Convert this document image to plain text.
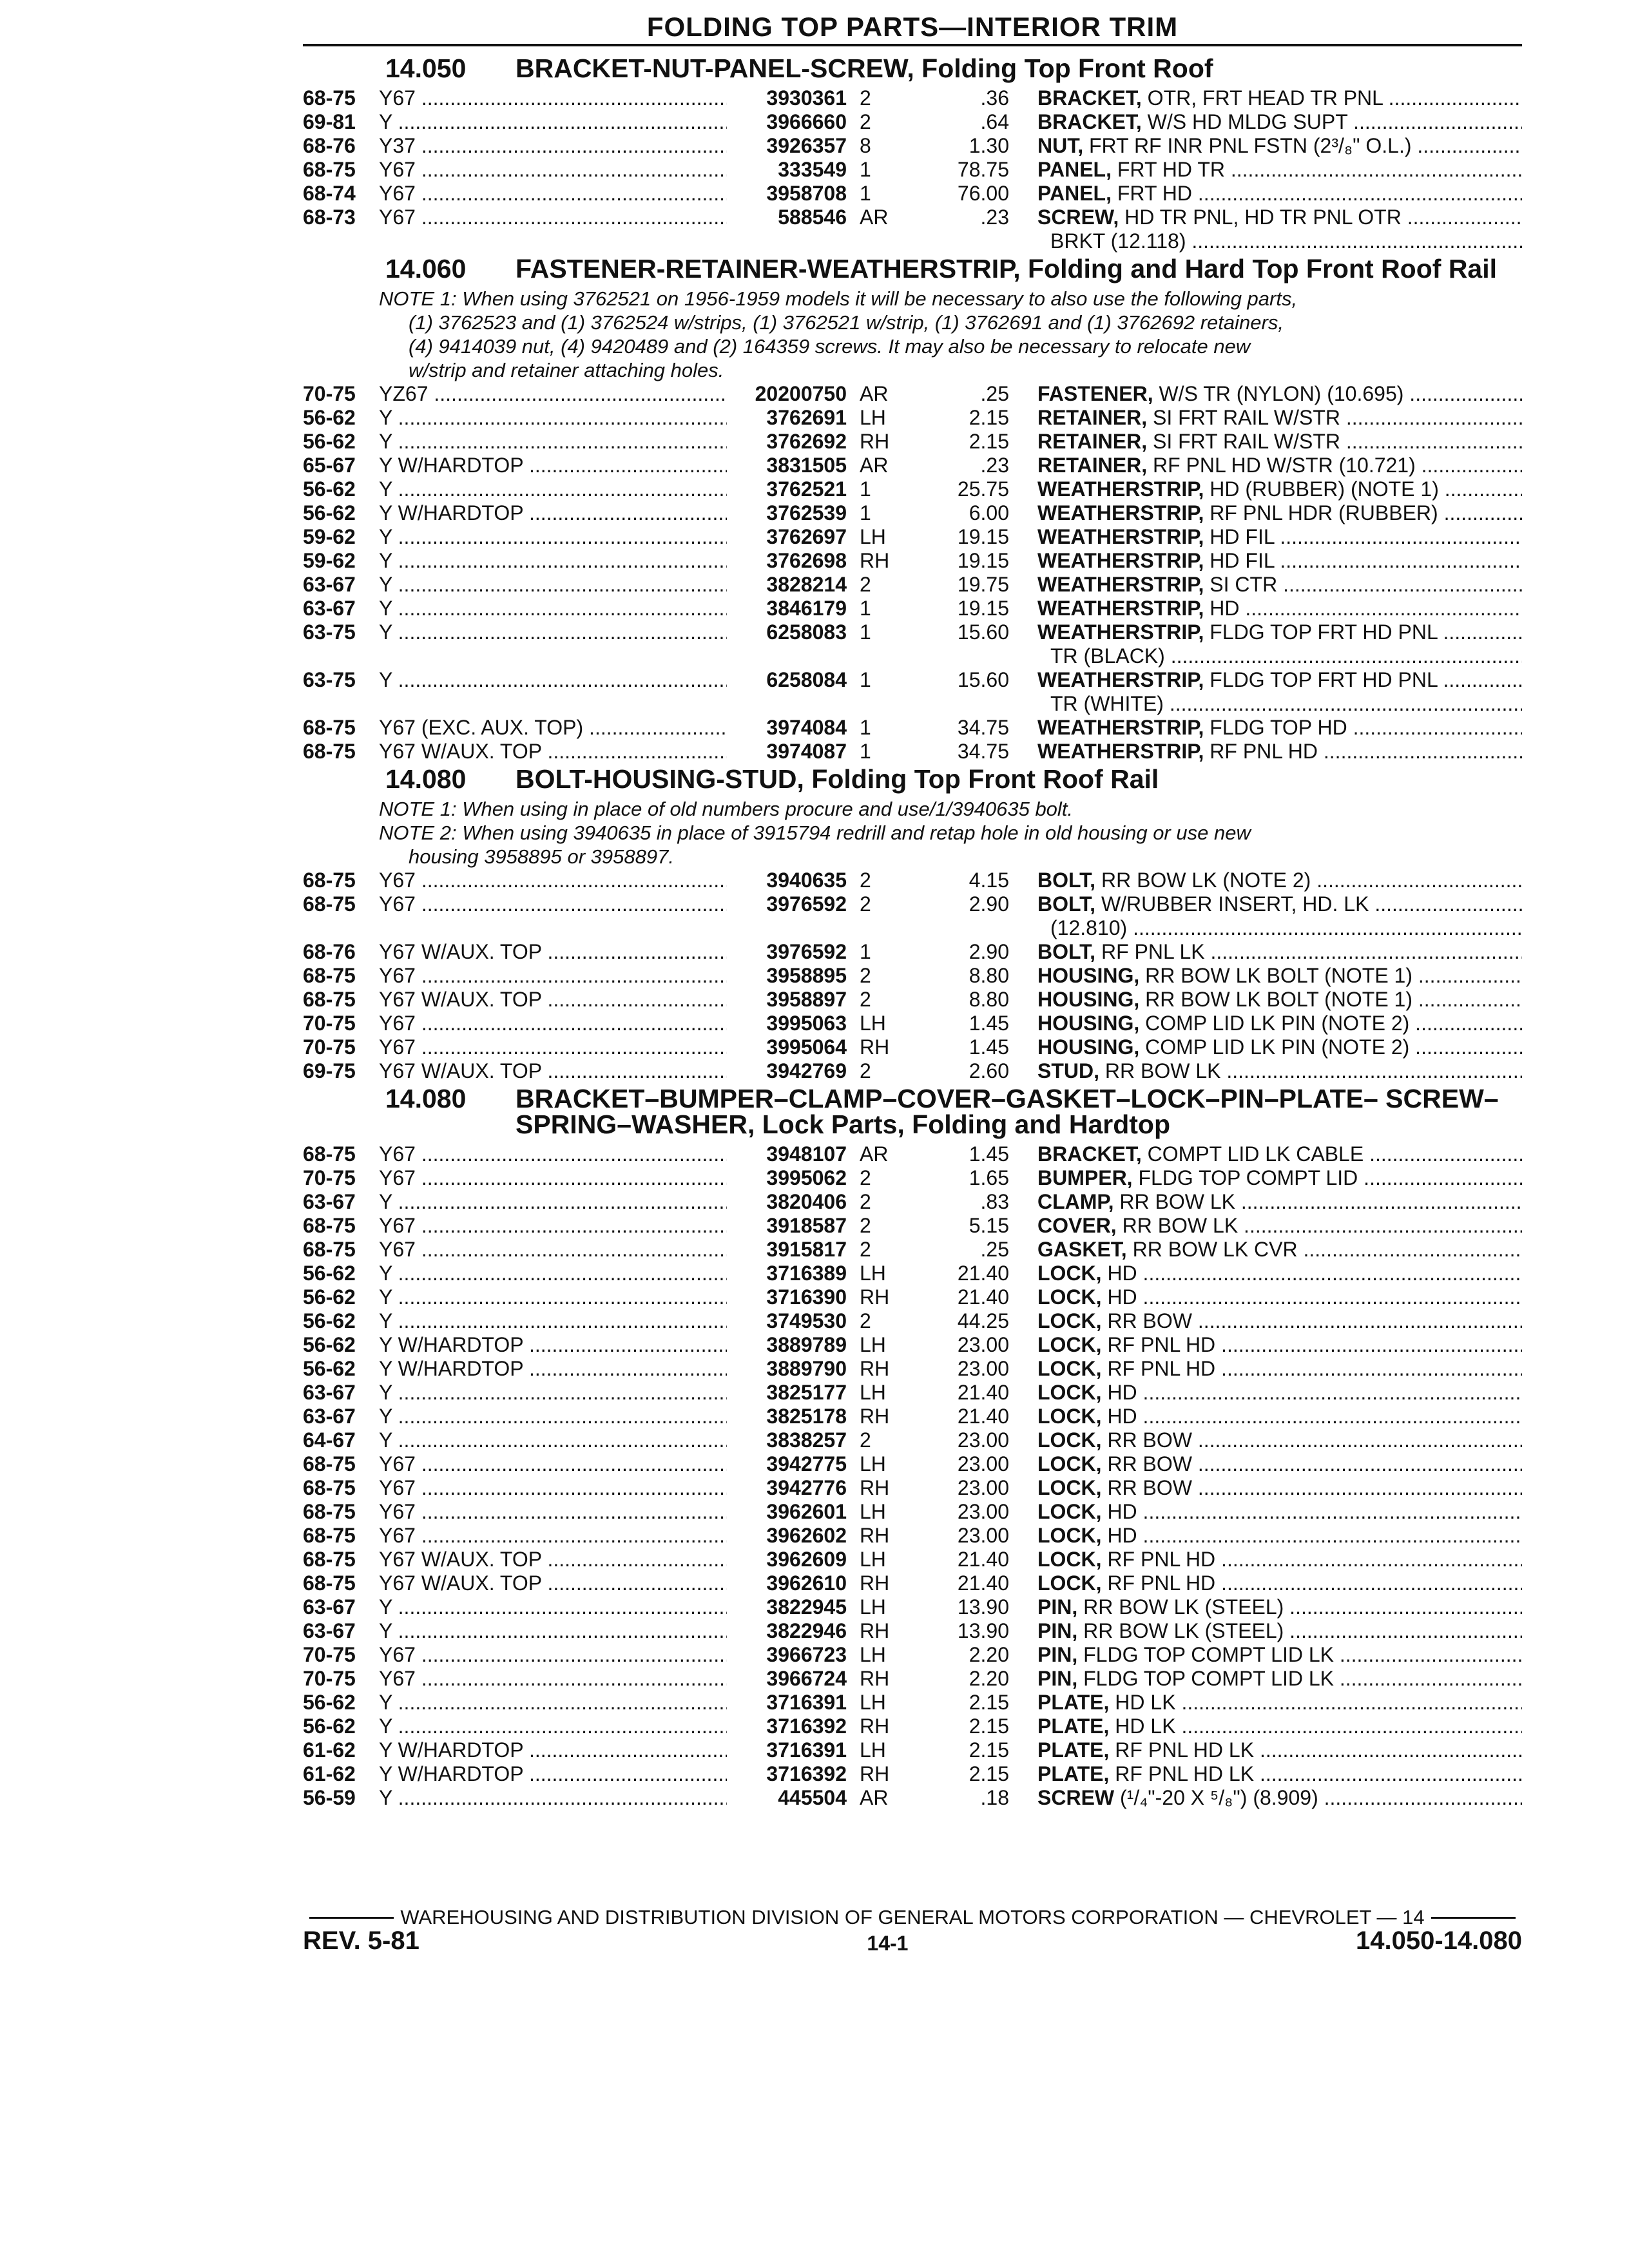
FOLDING TOP PARTS—INTERIOR TRIM
14.050	BRACKET-NUT-PANEL-SCREW, Folding Top Front Roof
68-75	Y67 .....	3930361 2	.36	BRACKET, OTR, FRT HEAD TR PNL .....
69-81	Y .....	3966660 2	.64	BRACKET, W/S HD MLDG SUPT .....
68-76	Y37 .....	3926357 8	1.30	NUT, FRT RF INR PNL FSTN (2³/₈" O.L.) .....
68-75	Y67 .....	333549 1	78.75	PANEL, FRT HD TR .....
68-74	Y67 .....	3958708 1	76.00	PANEL, FRT HD .....
68-73	Y67 .....	588546 AR	.23	SCREW, HD TR PNL, HD TR PNL OTR .....
BRKT (12.118) .....
14.060	FASTENER-RETAINER-WEATHERSTRIP, Folding and Hard Top Front Roof Rail
NOTE 1: When using 3762521 on 1956-1959 models it will be necessary to also use the following parts,
(1) 3762523 and (1) 3762524 w/strips, (1) 3762521 w/strip, (1) 3762691 and (1) 3762692 retainers,
(4) 9414039 nut, (4) 9420489 and (2) 164359 screws. It may also be necessary to relocate new
w/strip and retainer attaching holes.
70-75	YZ67 .....	20200750 AR	.25	FASTENER, W/S TR (NYLON) (10.695) .....
56-62	Y .....	3762691 LH	2.15	RETAINER, SI FRT RAIL W/STR .....
56-62	Y .....	3762692 RH	2.15	RETAINER, SI FRT RAIL W/STR .....
65-67	Y W/HARDTOP .....	3831505 AR	.23	RETAINER, RF PNL HD W/STR (10.721) .....
56-62	Y .....	3762521 1	25.75	WEATHERSTRIP, HD (RUBBER) (NOTE 1) .....
56-62	Y W/HARDTOP .....	3762539 1	6.00	WEATHERSTRIP, RF PNL HDR (RUBBER) .....
59-62	Y .....	3762697 LH	19.15	WEATHERSTRIP, HD FIL .....
59-62	Y .....	3762698 RH	19.15	WEATHERSTRIP, HD FIL .....
63-67	Y .....	3828214 2	19.75	WEATHERSTRIP, SI CTR .....
63-67	Y .....	3846179 1	19.15	WEATHERSTRIP, HD .....
63-75	Y .....	6258083 1	15.60	WEATHERSTRIP, FLDG TOP FRT HD PNL .....
TR (BLACK) .....
63-75	Y .....	6258084 1	15.60	WEATHERSTRIP, FLDG TOP FRT HD PNL .....
TR (WHITE) .....
68-75	Y67 (EXC. AUX. TOP) .....	3974084 1	34.75	WEATHERSTRIP, FLDG TOP HD .....
68-75	Y67 W/AUX. TOP .....	3974087 1	34.75	WEATHERSTRIP, RF PNL HD .....
14.080	BOLT-HOUSING-STUD, Folding Top Front Roof Rail
NOTE 1: When using in place of old numbers procure and use/1/3940635 bolt.
NOTE 2: When using 3940635 in place of 3915794 redrill and retap hole in old housing or use new
housing 3958895 or 3958897.
68-75	Y67 .....	3940635 2	4.15	BOLT, RR BOW LK (NOTE 2) .....
68-75	Y67 .....	3976592 2	2.90	BOLT, W/RUBBER INSERT, HD. LK .....
(12.810) .....
68-76	Y67 W/AUX. TOP .....	3976592 1	2.90	BOLT, RF PNL LK .....
68-75	Y67 .....	3958895 2	8.80	HOUSING, RR BOW LK BOLT (NOTE 1) .....
68-75	Y67 W/AUX. TOP .....	3958897 2	8.80	HOUSING, RR BOW LK BOLT (NOTE 1) .....
70-75	Y67 .....	3995063 LH	1.45	HOUSING, COMP LID LK PIN (NOTE 2) .....
70-75	Y67 .....	3995064 RH	1.45	HOUSING, COMP LID LK PIN (NOTE 2) .....
69-75	Y67 W/AUX. TOP .....	3942769 2	2.60	STUD, RR BOW LK .....
14.080	BRACKET–BUMPER–CLAMP–COVER–GASKET–LOCK–PIN–PLATE– SCREW–SPRING–WASHER, Lock Parts, Folding and Hardtop
68-75	Y67 .....	3948107 AR	1.45	BRACKET, COMPT LID LK CABLE .....
70-75	Y67 .....	3995062 2	1.65	BUMPER, FLDG TOP COMPT LID .....
63-67	Y .....	3820406 2	.83	CLAMP, RR BOW LK .....
68-75	Y67 .....	3918587 2	5.15	COVER, RR BOW LK .....
68-75	Y67 .....	3915817 2	.25	GASKET, RR BOW LK CVR .....
56-62	Y .....	3716389 LH	21.40	LOCK, HD .....
56-62	Y .....	3716390 RH	21.40	LOCK, HD .....
56-62	Y .....	3749530 2	44.25	LOCK, RR BOW .....
56-62	Y W/HARDTOP .....	3889789 LH	23.00	LOCK, RF PNL HD .....
56-62	Y W/HARDTOP .....	3889790 RH	23.00	LOCK, RF PNL HD .....
63-67	Y .....	3825177 LH	21.40	LOCK, HD .....
63-67	Y .....	3825178 RH	21.40	LOCK, HD .....
64-67	Y .....	3838257 2	23.00	LOCK, RR BOW .....
68-75	Y67 .....	3942775 LH	23.00	LOCK, RR BOW .....
68-75	Y67 .....	3942776 RH	23.00	LOCK, RR BOW .....
68-75	Y67 .....	3962601 LH	23.00	LOCK, HD .....
68-75	Y67 .....	3962602 RH	23.00	LOCK, HD .....
68-75	Y67 W/AUX. TOP .....	3962609 LH	21.40	LOCK, RF PNL HD .....
68-75	Y67 W/AUX. TOP .....	3962610 RH	21.40	LOCK, RF PNL HD .....
63-67	Y .....	3822945 LH	13.90	PIN, RR BOW LK (STEEL) .....
63-67	Y .....	3822946 RH	13.90	PIN, RR BOW LK (STEEL) .....
70-75	Y67 .....	3966723 LH	2.20	PIN, FLDG TOP COMPT LID LK .....
70-75	Y67 .....	3966724 RH	2.20	PIN, FLDG TOP COMPT LID LK .....
56-62	Y .....	3716391 LH	2.15	PLATE, HD LK .....
56-62	Y .....	3716392 RH	2.15	PLATE, HD LK .....
61-62	Y W/HARDTOP .....	3716391 LH	2.15	PLATE, RF PNL HD LK .....
61-62	Y W/HARDTOP .....	3716392 RH	2.15	PLATE, RF PNL HD LK .....
56-59	Y .....	445504 AR	.18	SCREW (¹/₄"-20 X ⁵/₈") (8.909) .....
WAREHOUSING AND DISTRIBUTION DIVISION OF GENERAL MOTORS CORPORATION — CHEVROLET — 14
REV. 5-81	14-1	14.050-14.080
